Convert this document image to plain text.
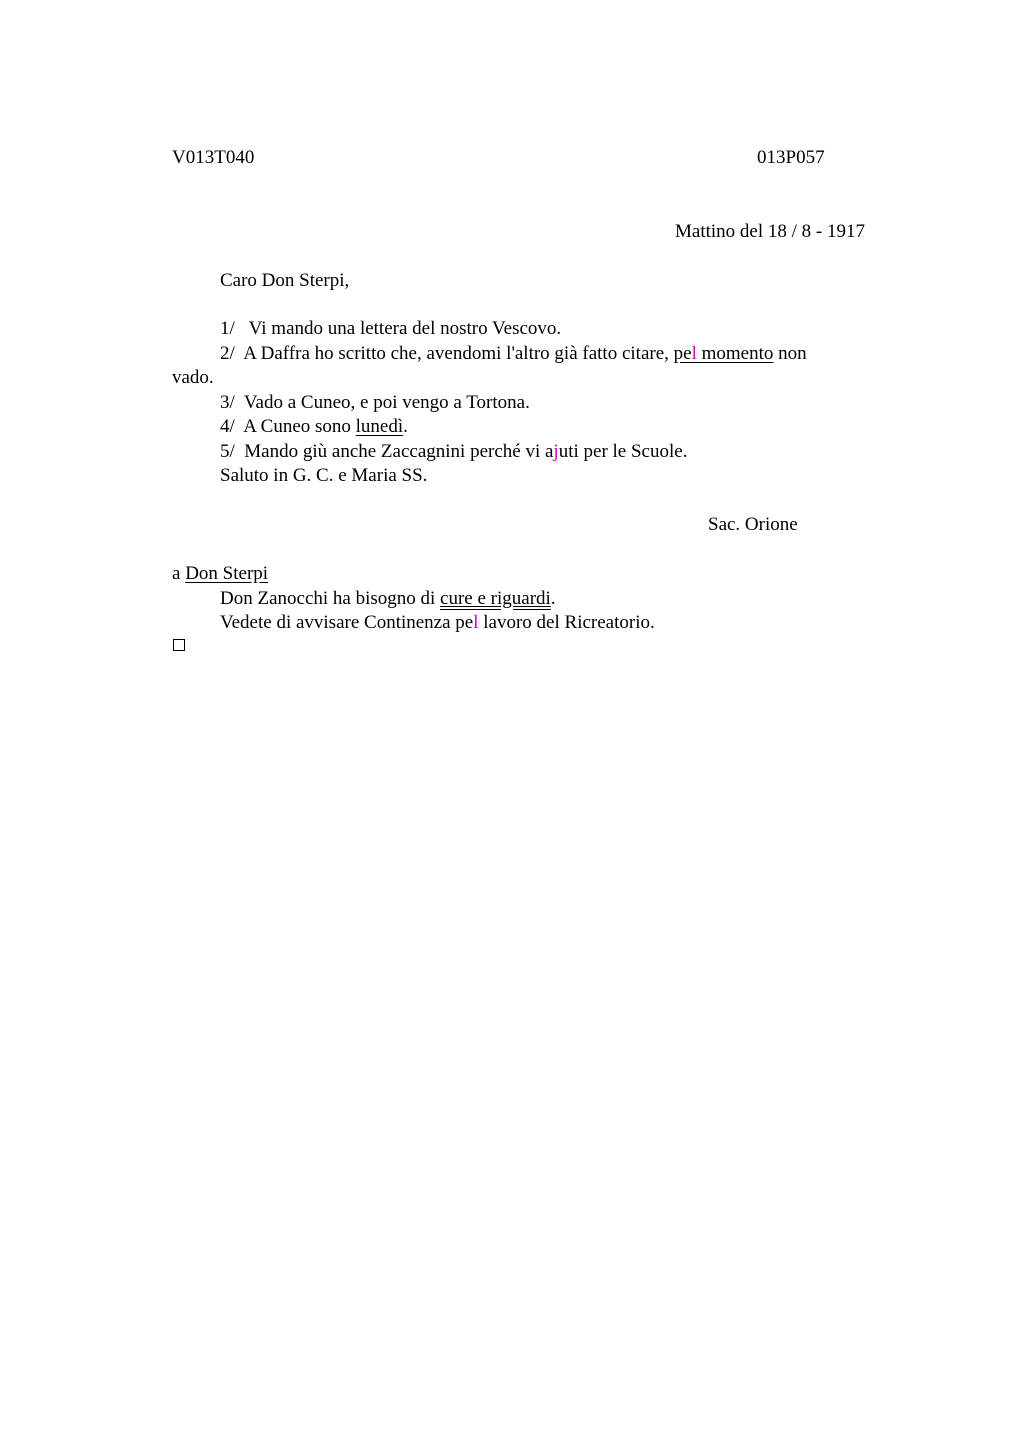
V013T040	013P057
Mattino del 18 / 8 - 1917
Caro Don Sterpi,
1/   Vi mando una lettera del nostro Vescovo.
2/  A Daffra ho scritto che, avendomi l'altro già fatto citare, pel momento non
vado.
3/  Vado a Cuneo, e poi vengo a Tortona.
4/  A Cuneo sono lunedì.
5/  Mando giù anche Zaccagnini perché vi ajuti per le Scuole.
Saluto in G. C. e Maria SS.
Sac. Orione
a Don Sterpi
Don Zanocchi ha bisogno di cure e riguardi.
Vedete di avvisare Continenza pel lavoro del Ricreatorio.
